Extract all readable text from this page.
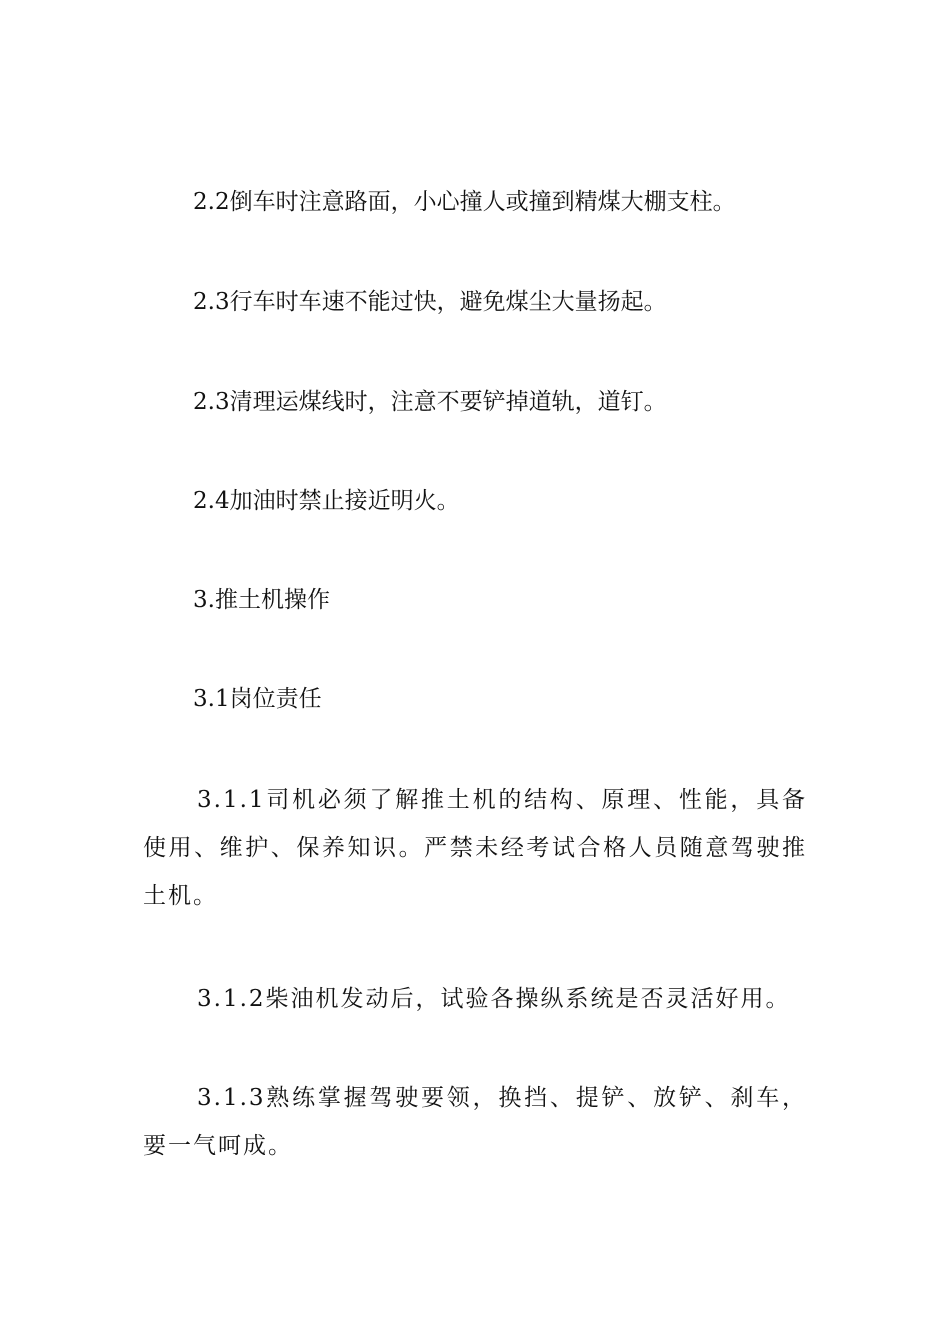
2.2倒车时注意路面，小心撞人或撞到精煤大棚支柱。

2.3行车时车速不能过快，避免煤尘大量扬起。

2.3清理运煤线时，注意不要铲掉道轨，道钉。

2.4加油时禁止接近明火。

3.推土机操作

3.1岗位责任

3.1.1司机必须了解推土机的结构、原理、性能，具备使用、维护、保养知识。严禁未经考试合格人员随意驾驶推土机。

3.1.2柴油机发动后，试验各操纵系统是否灵活好用。

3.1.3熟练掌握驾驶要领，换挡、提铲、放铲、刹车，要一气呵成。
